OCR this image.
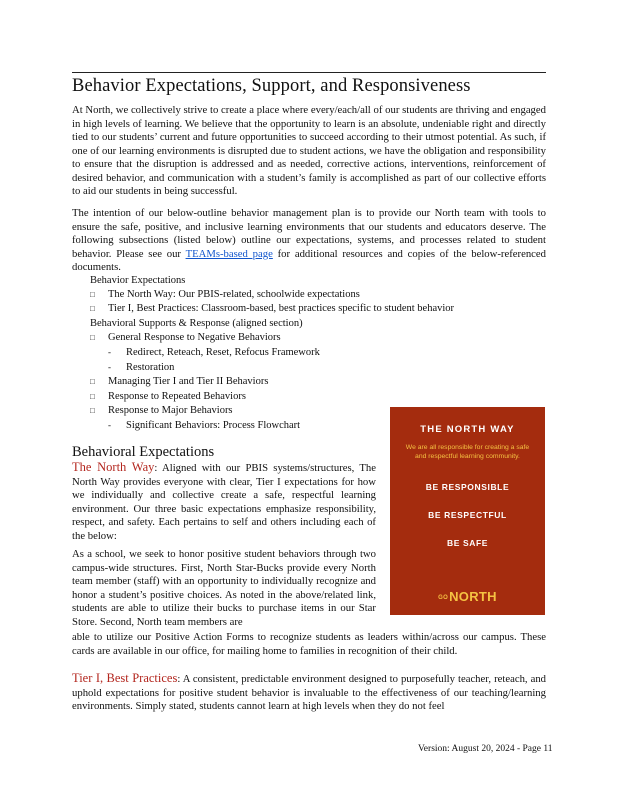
Behavior Expectations, Support, and Responsiveness
At North, we collectively strive to create a place where every/each/all of our students are thriving and engaged in high levels of learning. We believe that the opportunity to learn is an absolute, undeniable right and directly tied to our students’ current and future opportunities to succeed according to their utmost potential. As such, if one of our learning environments is disrupted due to student actions, we have the obligation and responsibility to ensure that the disruption is addressed and as needed, corrective actions, interventions, reinforcement of desired behavior, and communication with a student’s family is accomplished as part of our collective efforts to aid our students in being successful.
The intention of our below-outline behavior management plan is to provide our North team with tools to ensure the safe, positive, and inclusive learning environments that our students and educators deserve. The following subsections (listed below) outline our expectations, systems, and processes related to student behavior. Please see our TEAMs-based page for additional resources and copies of the below-referenced documents.
Behavior Expectations
□ The North Way: Our PBIS-related, schoolwide expectations
□ Tier I, Best Practices: Classroom-based, best practices specific to student behavior
Behavioral Supports & Response (aligned section)
□ General Response to Negative Behaviors
- Redirect, Reteach, Reset, Refocus Framework
- Restoration
□ Managing Tier I and Tier II Behaviors
□ Response to Repeated Behaviors
□ Response to Major Behaviors
- Significant Behaviors: Process Flowchart
Behavioral Expectations
The North Way: Aligned with our PBIS systems/structures, The North Way provides everyone with clear, Tier I expectations for how we individually and collective create a safe, respectful learning environment. Our three basic expectations emphasize responsibility, respect, and safety. Each pertains to self and others including each of the below:
As a school, we seek to honor positive student behaviors through two campus-wide structures. First, North Star-Bucks provide every North team member (staff) with an opportunity to individually recognize and honor a student’s positive choices. As noted in the above/related link, students are able to utilize their bucks to purchase items in our Star Store. Second, North team members are
able to utilize our Positive Action Forms to recognize students as leaders within/across our campus. These cards are available in our office, for mailing home to families in recognition of their child.
Tier I, Best Practices: A consistent, predictable environment designed to purposefully teacher, reteach, and uphold expectations for positive student behavior is invaluable to the effectiveness of our teaching/learning environments. Simply stated, students cannot learn at high levels when they do not feel
THE NORTH WAY
We are all responsible for creating a safe and respectful learning community.
BE RESPONSIBLE
BE RESPECTFUL
BE SAFE
GONORTH
Version: August 20, 2024 - Page 11
